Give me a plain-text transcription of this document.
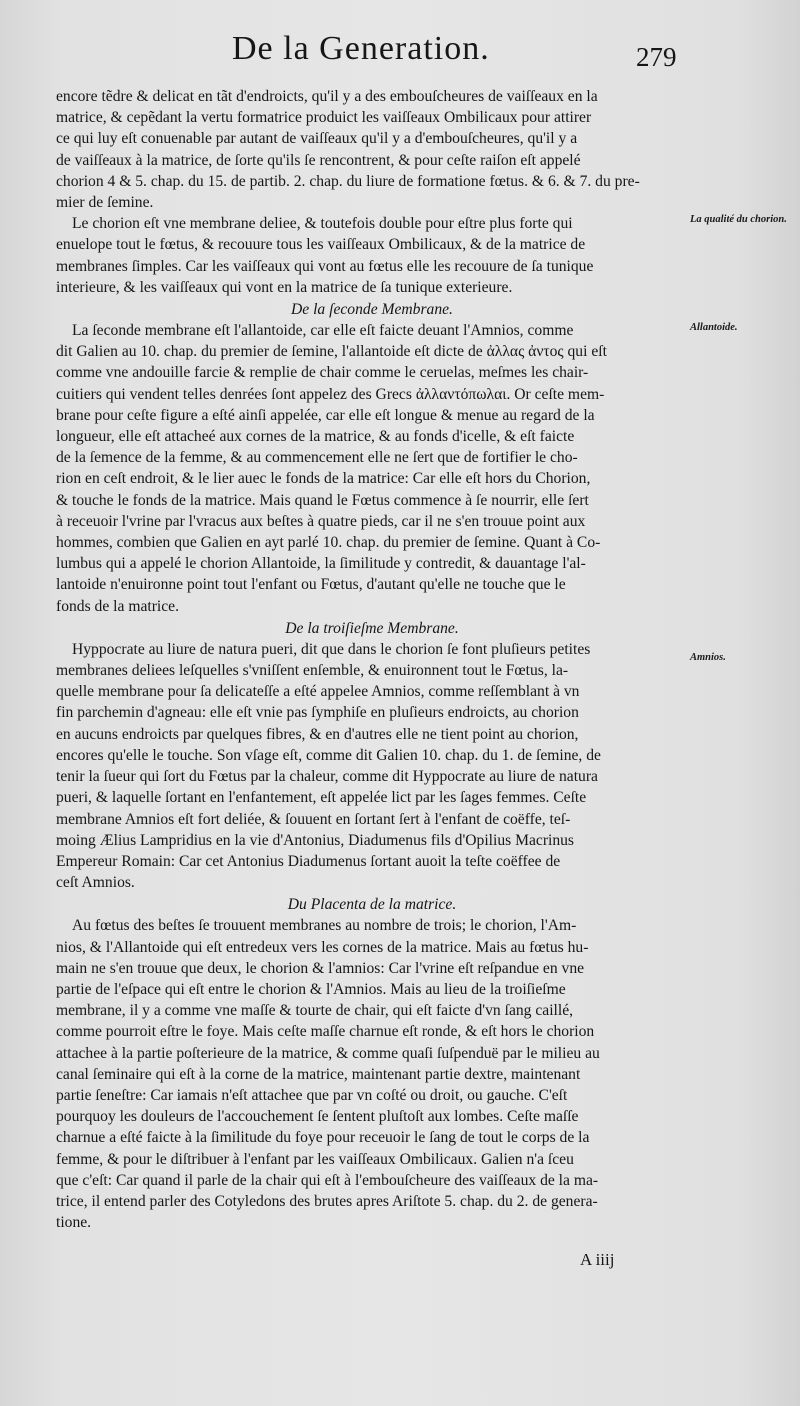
De la Generation.	279
encore tẽdre & delicat en tãt d'endroicts, qu'il y a des embouſcheures de vaiſſeaux en la
matrice, & cepẽdant la vertu formatrice produict les vaiſſeaux Ombilicaux pour attirer
ce qui luy eſt conuenable par autant de vaiſſeaux qu'il y a d'embouſcheures, qu'il y a
de vaiſſeaux à la matrice, de ſorte qu'ils ſe rencontrent, & pour ceſte raiſon eſt appelé
chorion 4 & 5. chap. du 15. de partib. 2. chap. du liure de formatione fœtus. & 6. & 7. du pre-
mier de ſemine.
Le chorion eſt vne membrane deliee, & toutefois double pour eſtre plus forte qui
enuelope tout le fœtus, & recouure tous les vaiſſeaux Ombilicaux, & de la matrice de
membranes ſimples. Car les vaiſſeaux qui vont au fœtus elle les recouure de ſa tunique
interieure, & les vaiſſeaux qui vont en la matrice de ſa tunique exterieure.
De la ſeconde Membrane.
La ſeconde membrane eſt l'allantoide, car elle eſt faicte deuant l'Amnios, comme
dit Galien au 10. chap. du premier de ſemine, l'allantoide eſt dicte de ἀλλας ἀντος qui eſt
comme vne andouille farcie & remplie de chair comme le ceruelas, meſmes les chair-
cuitiers qui vendent telles denrées ſont appelez des Grecs ἀλλαντόπωλαι. Or ceſte mem-
brane pour ceſte figure a eſté ainſi appelée, car elle eſt longue & menue au regard de la
longueur, elle eſt attacheé aux cornes de la matrice, & au fonds d'icelle, & eſt faicte
de la ſemence de la femme, & au commencement elle ne ſert que de fortifier le cho-
rion en ceſt endroit, & le lier auec le fonds de la matrice: Car elle eſt hors du Chorion,
& touche le fonds de la matrice. Mais quand le Fœtus commence à ſe nourrir, elle ſert
à receuoir l'vrine par l'vracus aux beſtes à quatre pieds, car il ne s'en trouue point aux
hommes, combien que Galien en ayt parlé 10. chap. du premier de ſemine. Quant à Co-
lumbus qui a appelé le chorion Allantoide, la ſimilitude y contredit, & dauantage l'al-
lantoide n'enuironne point tout l'enfant ou Fœtus, d'autant qu'elle ne touche que le
fonds de la matrice.
De la troiſieſme Membrane.
Hyppocrate au liure de natura pueri, dit que dans le chorion ſe font pluſieurs petites
membranes deliees leſquelles s'vniſſent enſemble, & enuironnent tout le Fœtus, la-
quelle membrane pour ſa delicateſſe a eſté appelee Amnios, comme reſſemblant à vn
fin parchemin d'agneau: elle eſt vnie pas ſymphiſe en pluſieurs endroicts, au chorion
en aucuns endroicts par quelques fibres, & en d'autres elle ne tient point au chorion,
encores qu'elle le touche. Son vſage eſt, comme dit Galien 10. chap. du 1. de ſemine, de
tenir la ſueur qui ſort du Fœtus par la chaleur, comme dit Hyppocrate au liure de natura
pueri, & laquelle ſortant en l'enfantement, eſt appelée lict par les ſages femmes. Ceſte
membrane Amnios eſt fort deliée, & ſouuent en ſortant ſert à l'enfant de coëffe, teſ-
moing Ælius Lampridius en la vie d'Antonius, Diadumenus fils d'Opilius Macrinus
Empereur Romain: Car cet Antonius Diadumenus ſortant auoit la teſte coëffee de
ceſt Amnios.
Du Placenta de la matrice.
Au fœtus des beſtes ſe trouuent membranes au nombre de trois; le chorion, l'Am-
nios, & l'Allantoide qui eſt entredeux vers les cornes de la matrice. Mais au fœtus hu-
main ne s'en trouue que deux, le chorion & l'amnios: Car l'vrine eſt reſpandue en vne
partie de l'eſpace qui eſt entre le chorion & l'Amnios. Mais au lieu de la troiſieſme
membrane, il y a comme vne maſſe & tourte de chair, qui eſt faicte d'vn ſang caillé,
comme pourroit eſtre le foye. Mais ceſte maſſe charnue eſt ronde, & eſt hors le chorion
attachee à la partie poſterieure de la matrice, & comme quaſi ſuſpenduë par le milieu au
canal ſeminaire qui eſt à la corne de la matrice, maintenant partie dextre, maintenant
partie ſeneſtre: Car iamais n'eſt attachee que par vn coſté ou droit, ou gauche. C'eſt
pourquoy les douleurs de l'accouchement ſe ſentent pluſtoſt aux lombes. Ceſte maſſe
charnue a eſté faicte à la ſimilitude du foye pour receuoir le ſang de tout le corps de la
femme, & pour le diſtribuer à l'enfant par les vaiſſeaux Ombilicaux. Galien n'a ſceu
que c'eſt: Car quand il parle de la chair qui eſt à l'embouſcheure des vaiſſeaux de la ma-
trice, il entend parler des Cotyledons des brutes apres Ariſtote 5. chap. du 2. de genera-
tione.
La qualité du chorion.
Allantoide.
Amnios.
A iiij
